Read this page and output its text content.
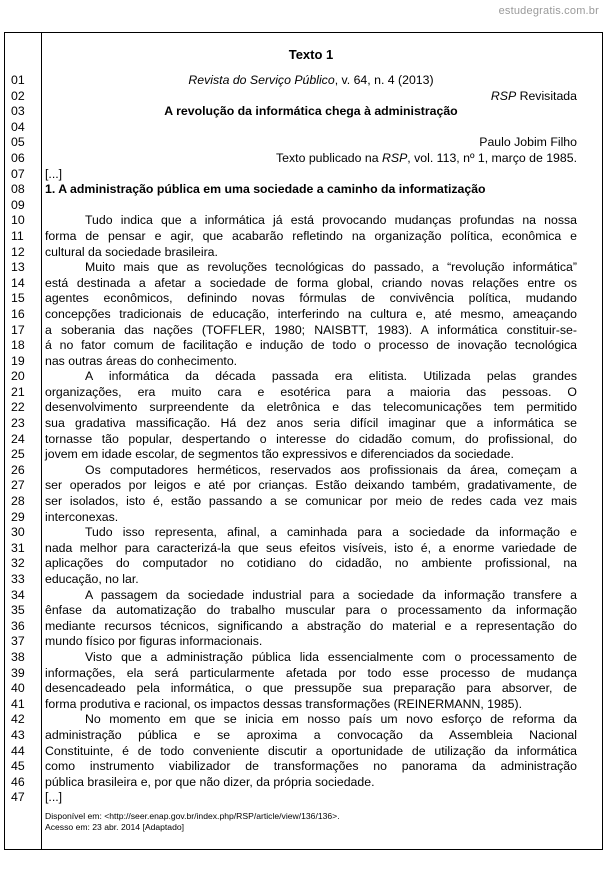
estudegratis.com.br
Texto 1
01	Revista do Serviço Público, v. 64, n. 4 (2013)
02	RSP Revisitada
03	A revolução da informática chega à administração
04

05	Paulo Jobim Filho
06	Texto publicado na RSP, vol. 113, nº 1, março de 1985.
07	[...]
08	1. A administração pública em uma sociedade a caminho da informatização
09

10	Tudo indica que a informática já está provocando mudanças profundas na nossa
11	forma de pensar e agir, que acabarão refletindo na organização política, econômica e
12	cultural da sociedade brasileira.
13	Muito mais que as revoluções tecnológicas do passado, a “revolução informática”
14	está destinada a afetar a sociedade de forma global, criando novas relações entre os
15	agentes econômicos, definindo novas fórmulas de convivência política, mudando
16	concepções tradicionais de educação, interferindo na cultura e, até mesmo, ameaçando
17	a soberania das nações (TOFFLER, 1980; NAISBTT, 1983). A informática constituir-se-
18	á no fator comum de facilitação e indução de todo o processo de inovação tecnológica
19	nas outras áreas do conhecimento.
20	A informática da década passada era elitista. Utilizada pelas grandes
21	organizações, era muito cara e esotérica para a maioria das pessoas. O
22	desenvolvimento surpreendente da eletrônica e das telecomunicações tem permitido
23	sua gradativa massificação. Há dez anos seria difícil imaginar que a informática se
24	tornasse tão popular, despertando o interesse do cidadão comum, do profissional, do
25	jovem em idade escolar, de segmentos tão expressivos e diferenciados da sociedade.
26	Os computadores herméticos, reservados aos profissionais da área, começam a
27	ser operados por leigos e até por crianças. Estão deixando também, gradativamente, de
28	ser isolados, isto é, estão passando a se comunicar por meio de redes cada vez mais
29	interconexas.
30	Tudo isso representa, afinal, a caminhada para a sociedade da informação e
31	nada melhor para caracterizá-la que seus efeitos visíveis, isto é, a enorme variedade de
32	aplicações do computador no cotidiano do cidadão, no ambiente profissional, na
33	educação, no lar.
34	A passagem da sociedade industrial para a sociedade da informação transfere a
35	ênfase da automatização do trabalho muscular para o processamento da informação
36	mediante recursos técnicos, significando a abstração do material e a representação do
37	mundo físico por figuras informacionais.
38	Visto que a administração pública lida essencialmente com o processamento de
39	informações, ela será particularmente afetada por todo esse processo de mudança
40	desencadeado pela informática, o que pressupõe sua preparação para absorver, de
41	forma produtiva e racional, os impactos dessas transformações (REINERMANN, 1985).
42	No momento em que se inicia em nosso país um novo esforço de reforma da
43	administração pública e se aproxima a convocação da Assembleia Nacional
44	Constituinte, é de todo conveniente discutir a oportunidade de utilização da informática
45	como instrumento viabilizador de transformações no panorama da administração
46	pública brasileira e, por que não dizer, da própria sociedade.
47	[...]
Disponível em: <http://seer.enap.gov.br/index.php/RSP/article/view/136/136>.
Acesso em: 23 abr. 2014 [Adaptado]
